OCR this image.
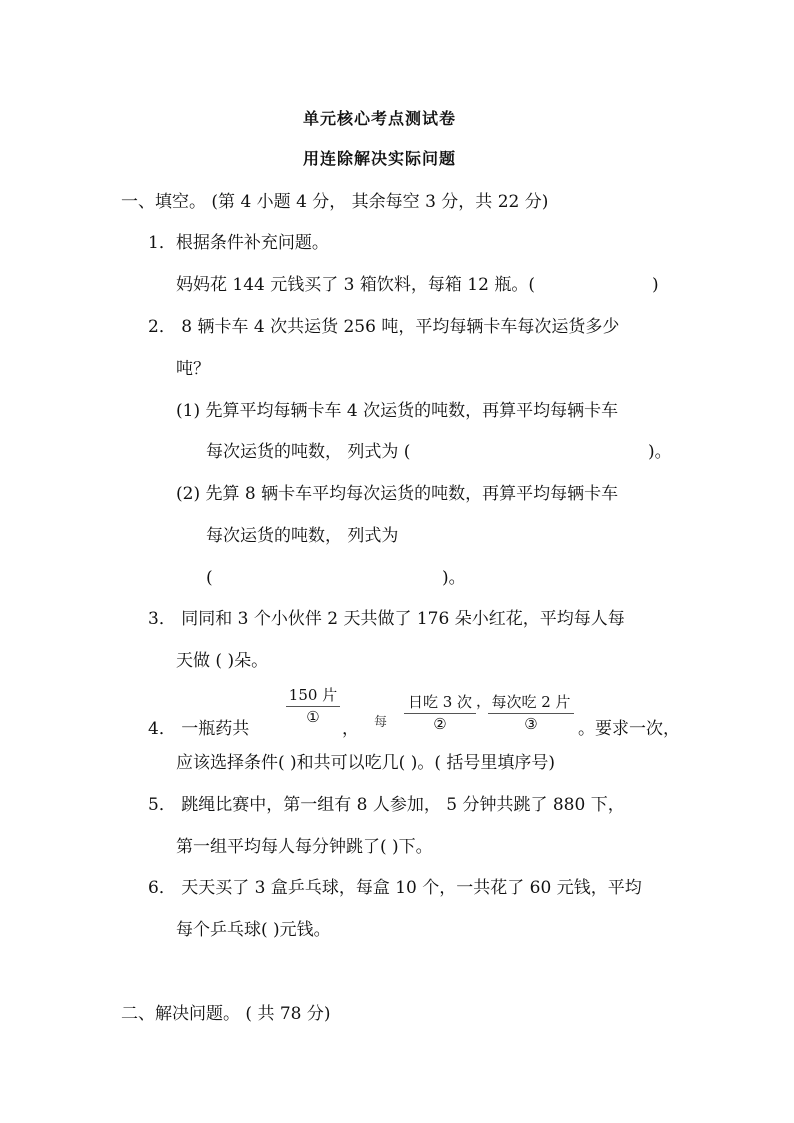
单元核心考点测试卷
用连除解决实际问题
一、填空。 (第 4 小题 4 分， 其余每空 3 分，共 22 分)
1．根据条件补充问题。
妈妈花 144 元钱买了 3 箱饮料，每箱 12 瓶。(	)
2． 8 辆卡车 4 次共运货 256 吨，平均每辆卡车每次运货多少
吨？
(1) 先算平均每辆卡车 4 次运货的吨数，再算平均每辆卡车
每次运货的吨数， 列式为 (	)。
(2) 先算 8 辆卡车平均每次运货的吨数，再算平均每辆卡车
每次运货的吨数， 列式为
(	)。
3． 同同和 3 个小伙伴 2 天共做了 176 朵小红花，平均每人每
天做 ( )朵。
4． 一瓶药共
150 片
①
， 每
日吃 3 次
②
， 每次吃 2 片
③	。要求一次，
应该选择条件( )和共可以吃几( )。( 括号里填序号)
5． 跳绳比赛中，第一组有 8 人参加， 5 分钟共跳了 880 下，
第一组平均每人每分钟跳了( )下。
6． 天天买了 3 盒乒乓球，每盒 10 个，一共花了 60 元钱，平均
每个乒乓球( )元钱。
二、解决问题。 ( 共 78 分)
